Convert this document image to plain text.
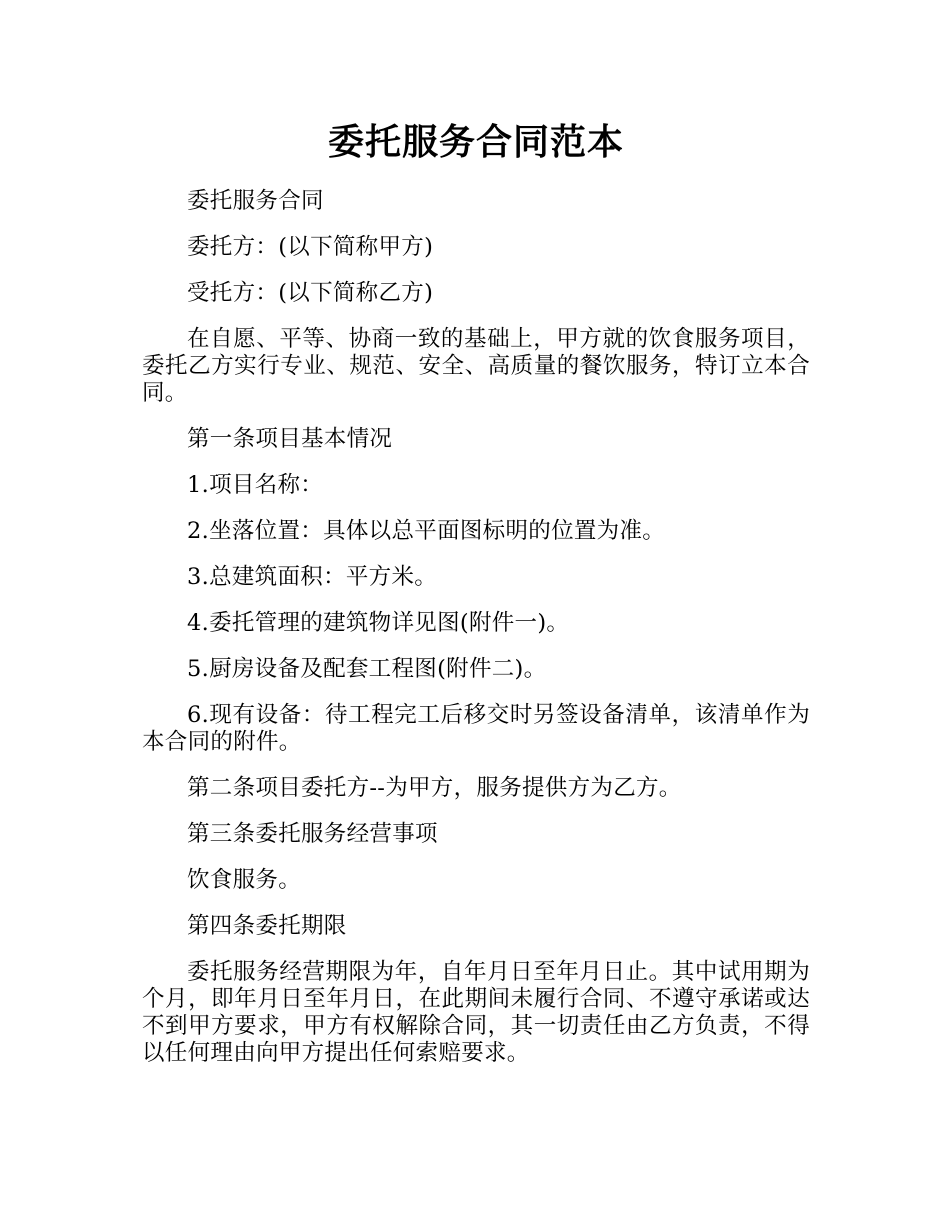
委托服务合同范本

委托服务合同

委托方：(以下简称甲方)

受托方：(以下简称乙方)

在自愿、平等、协商一致的基础上，甲方就的饮食服务项目，委托乙方实行专业、规范、安全、高质量的餐饮服务，特订立本合同。

第一条项目基本情况

1.项目名称：

2.坐落位置：具体以总平面图标明的位置为准。

3.总建筑面积：平方米。

4.委托管理的建筑物详见图(附件一)。

5.厨房设备及配套工程图(附件二)。

6.现有设备：待工程完工后移交时另签设备清单，该清单作为本合同的附件。

第二条项目委托方--为甲方，服务提供方为乙方。

第三条委托服务经营事项

饮食服务。

第四条委托期限

委托服务经营期限为年，自年月日至年月日止。其中试用期为个月，即年月日至年月日，在此期间未履行合同、不遵守承诺或达不到甲方要求，甲方有权解除合同，其一切责任由乙方负责，不得以任何理由向甲方提出任何索赔要求。
